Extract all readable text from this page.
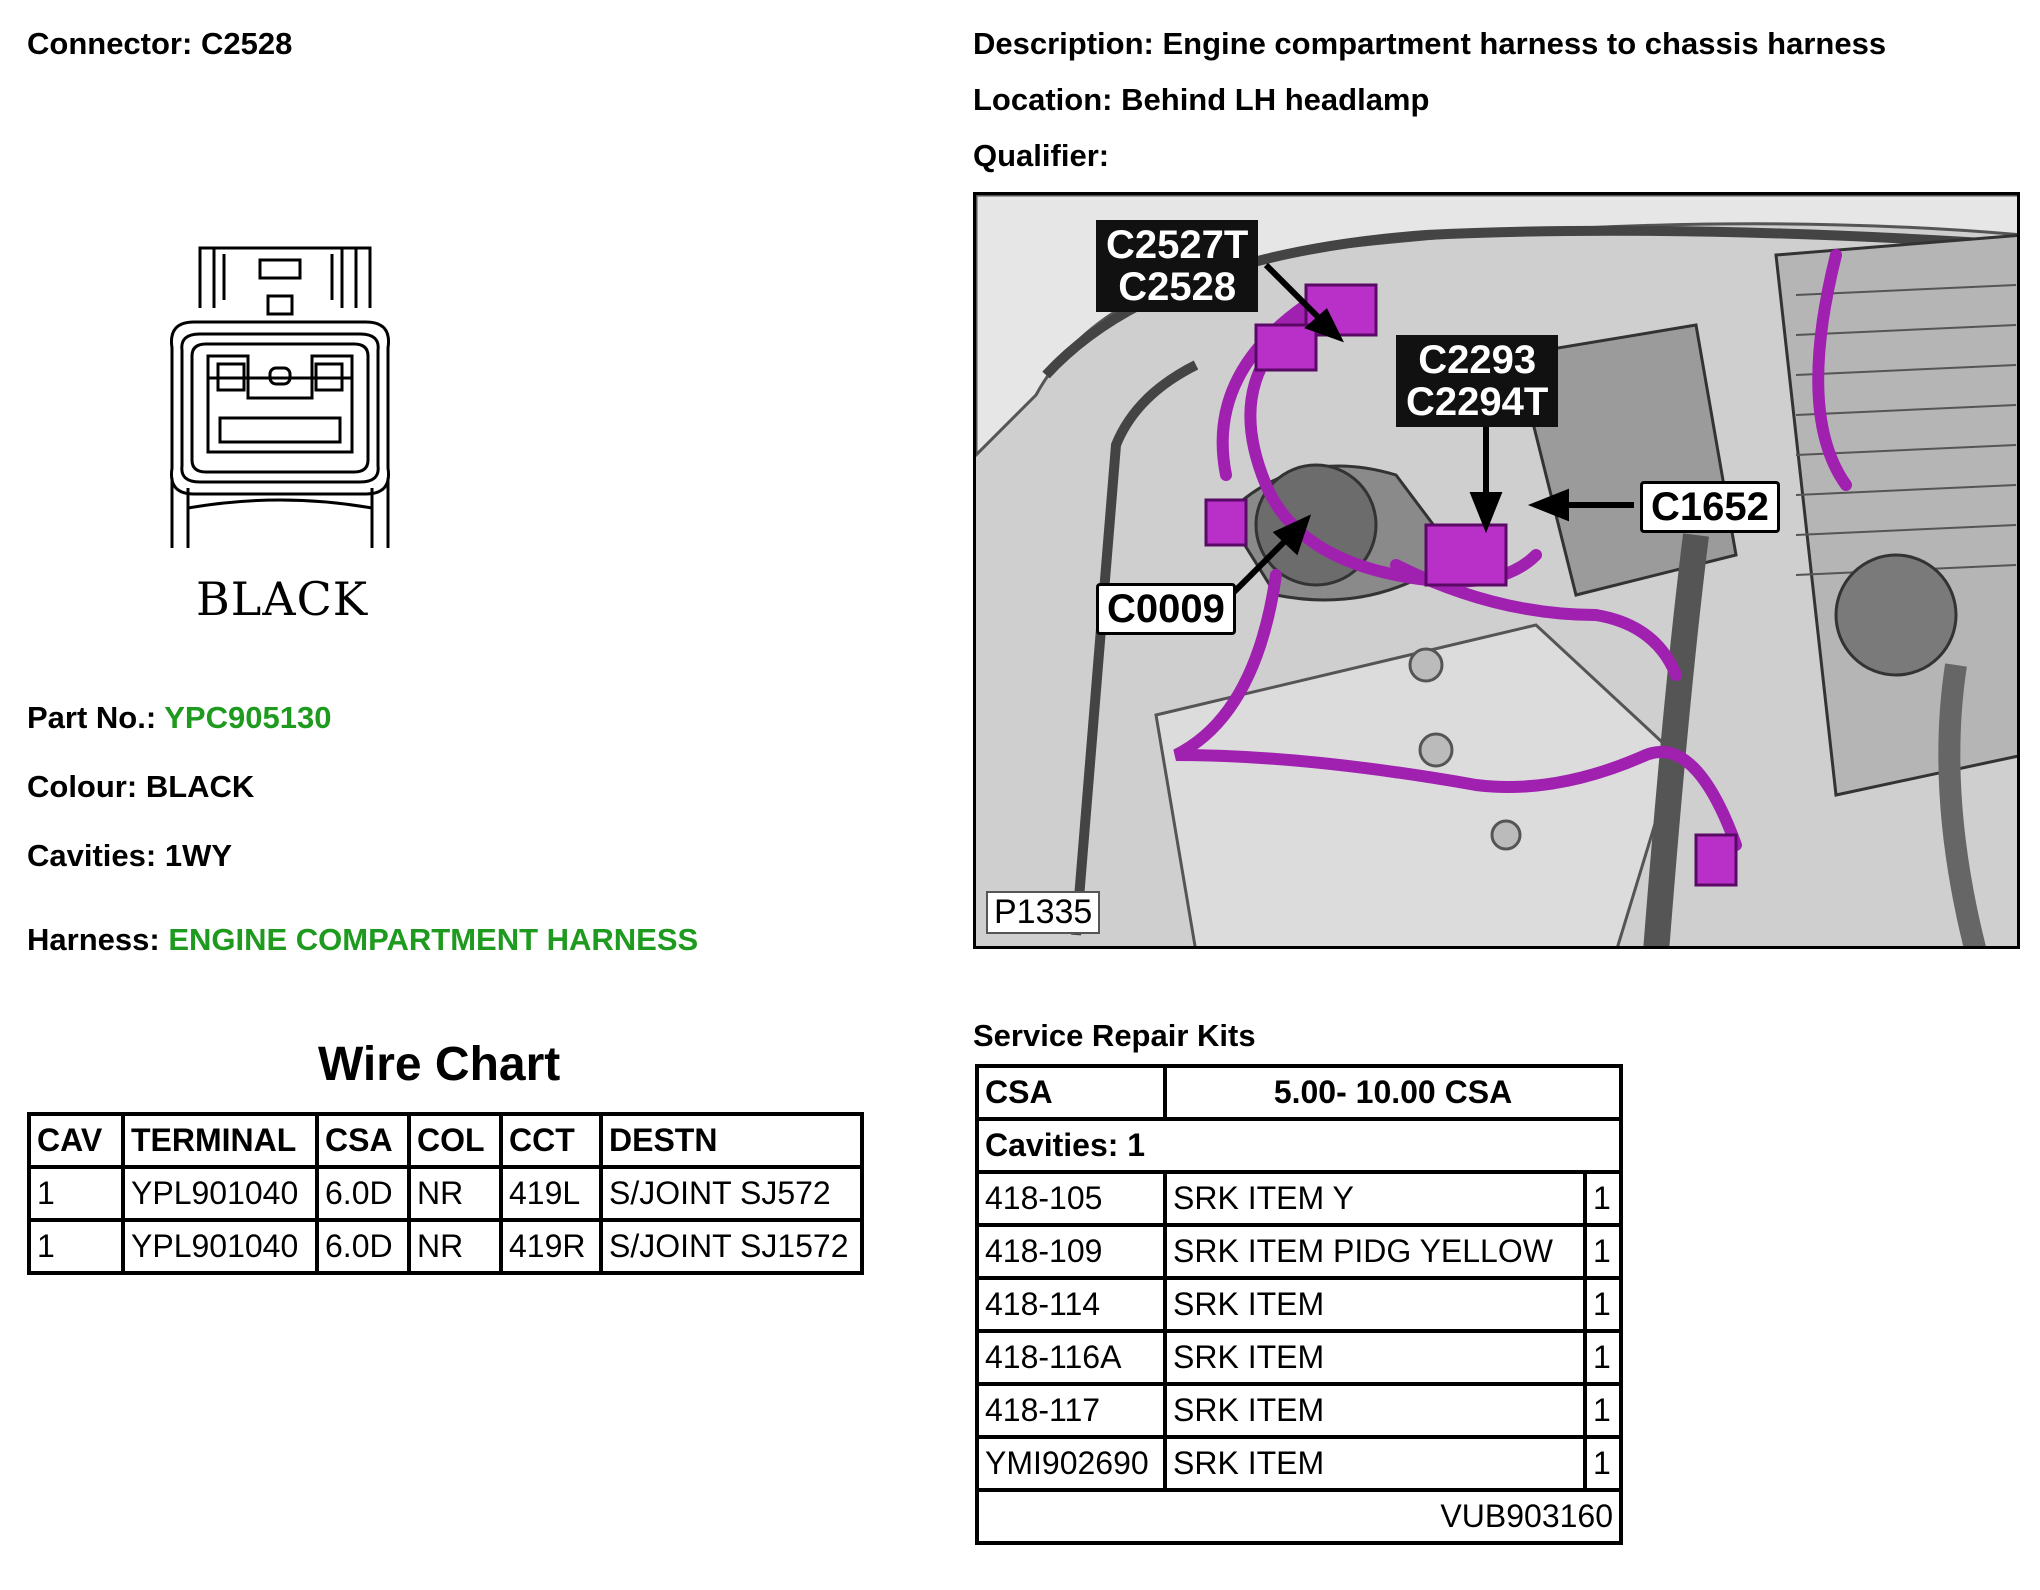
Connector: C2528	Description: Engine compartment harness to chassis harness
Location: Behind LH headlamp
Qualifier:
BLACK
Part No.: YPC905130
Colour: BLACK
Cavities: 1WY
Harness: ENGINE COMPARTMENT HARNESS
Wire Chart
CAV	TERMINAL	CSA	COL	CCT	DESTN
1	YPL901040	6.0D	NR	419L	S/JOINT SJ572
1	YPL901040	6.0D	NR	419R	S/JOINT SJ1572
C2527T
C2528
C2293
C2294T
C1652
C0009
P1335
Service Repair Kits
CSA	5.00- 10.00 CSA	
Cavities: 1		
418-105	SRK ITEM Y	1
418-109	SRK ITEM PIDG YELLOW	1
418-114	SRK ITEM	1
418-116A	SRK ITEM	1
418-117	SRK ITEM	1
YMI902690	SRK ITEM	1
VUB903160		
